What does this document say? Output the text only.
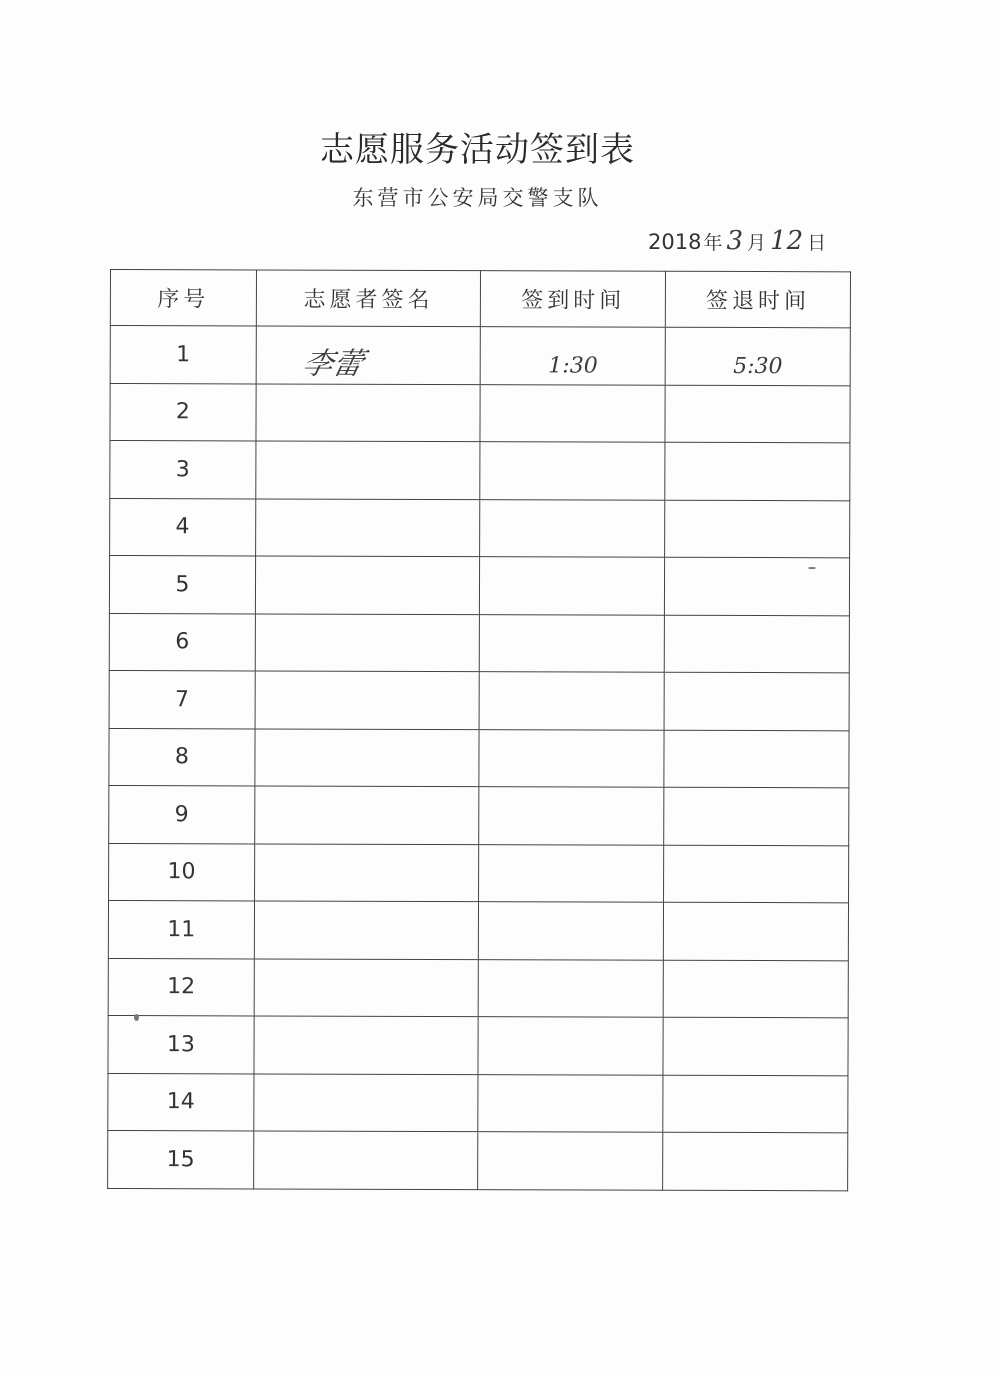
志愿服务活动签到表
东营市公安局交警支队
2018 年 3 月 12 日
序号	志愿者签名	签到时间	签退时间
1	李蕾	1:30	5:30
2			
3			
4			
5			
6			
7			
8			
9			
10			
11			
12			
13			
14			
15			
